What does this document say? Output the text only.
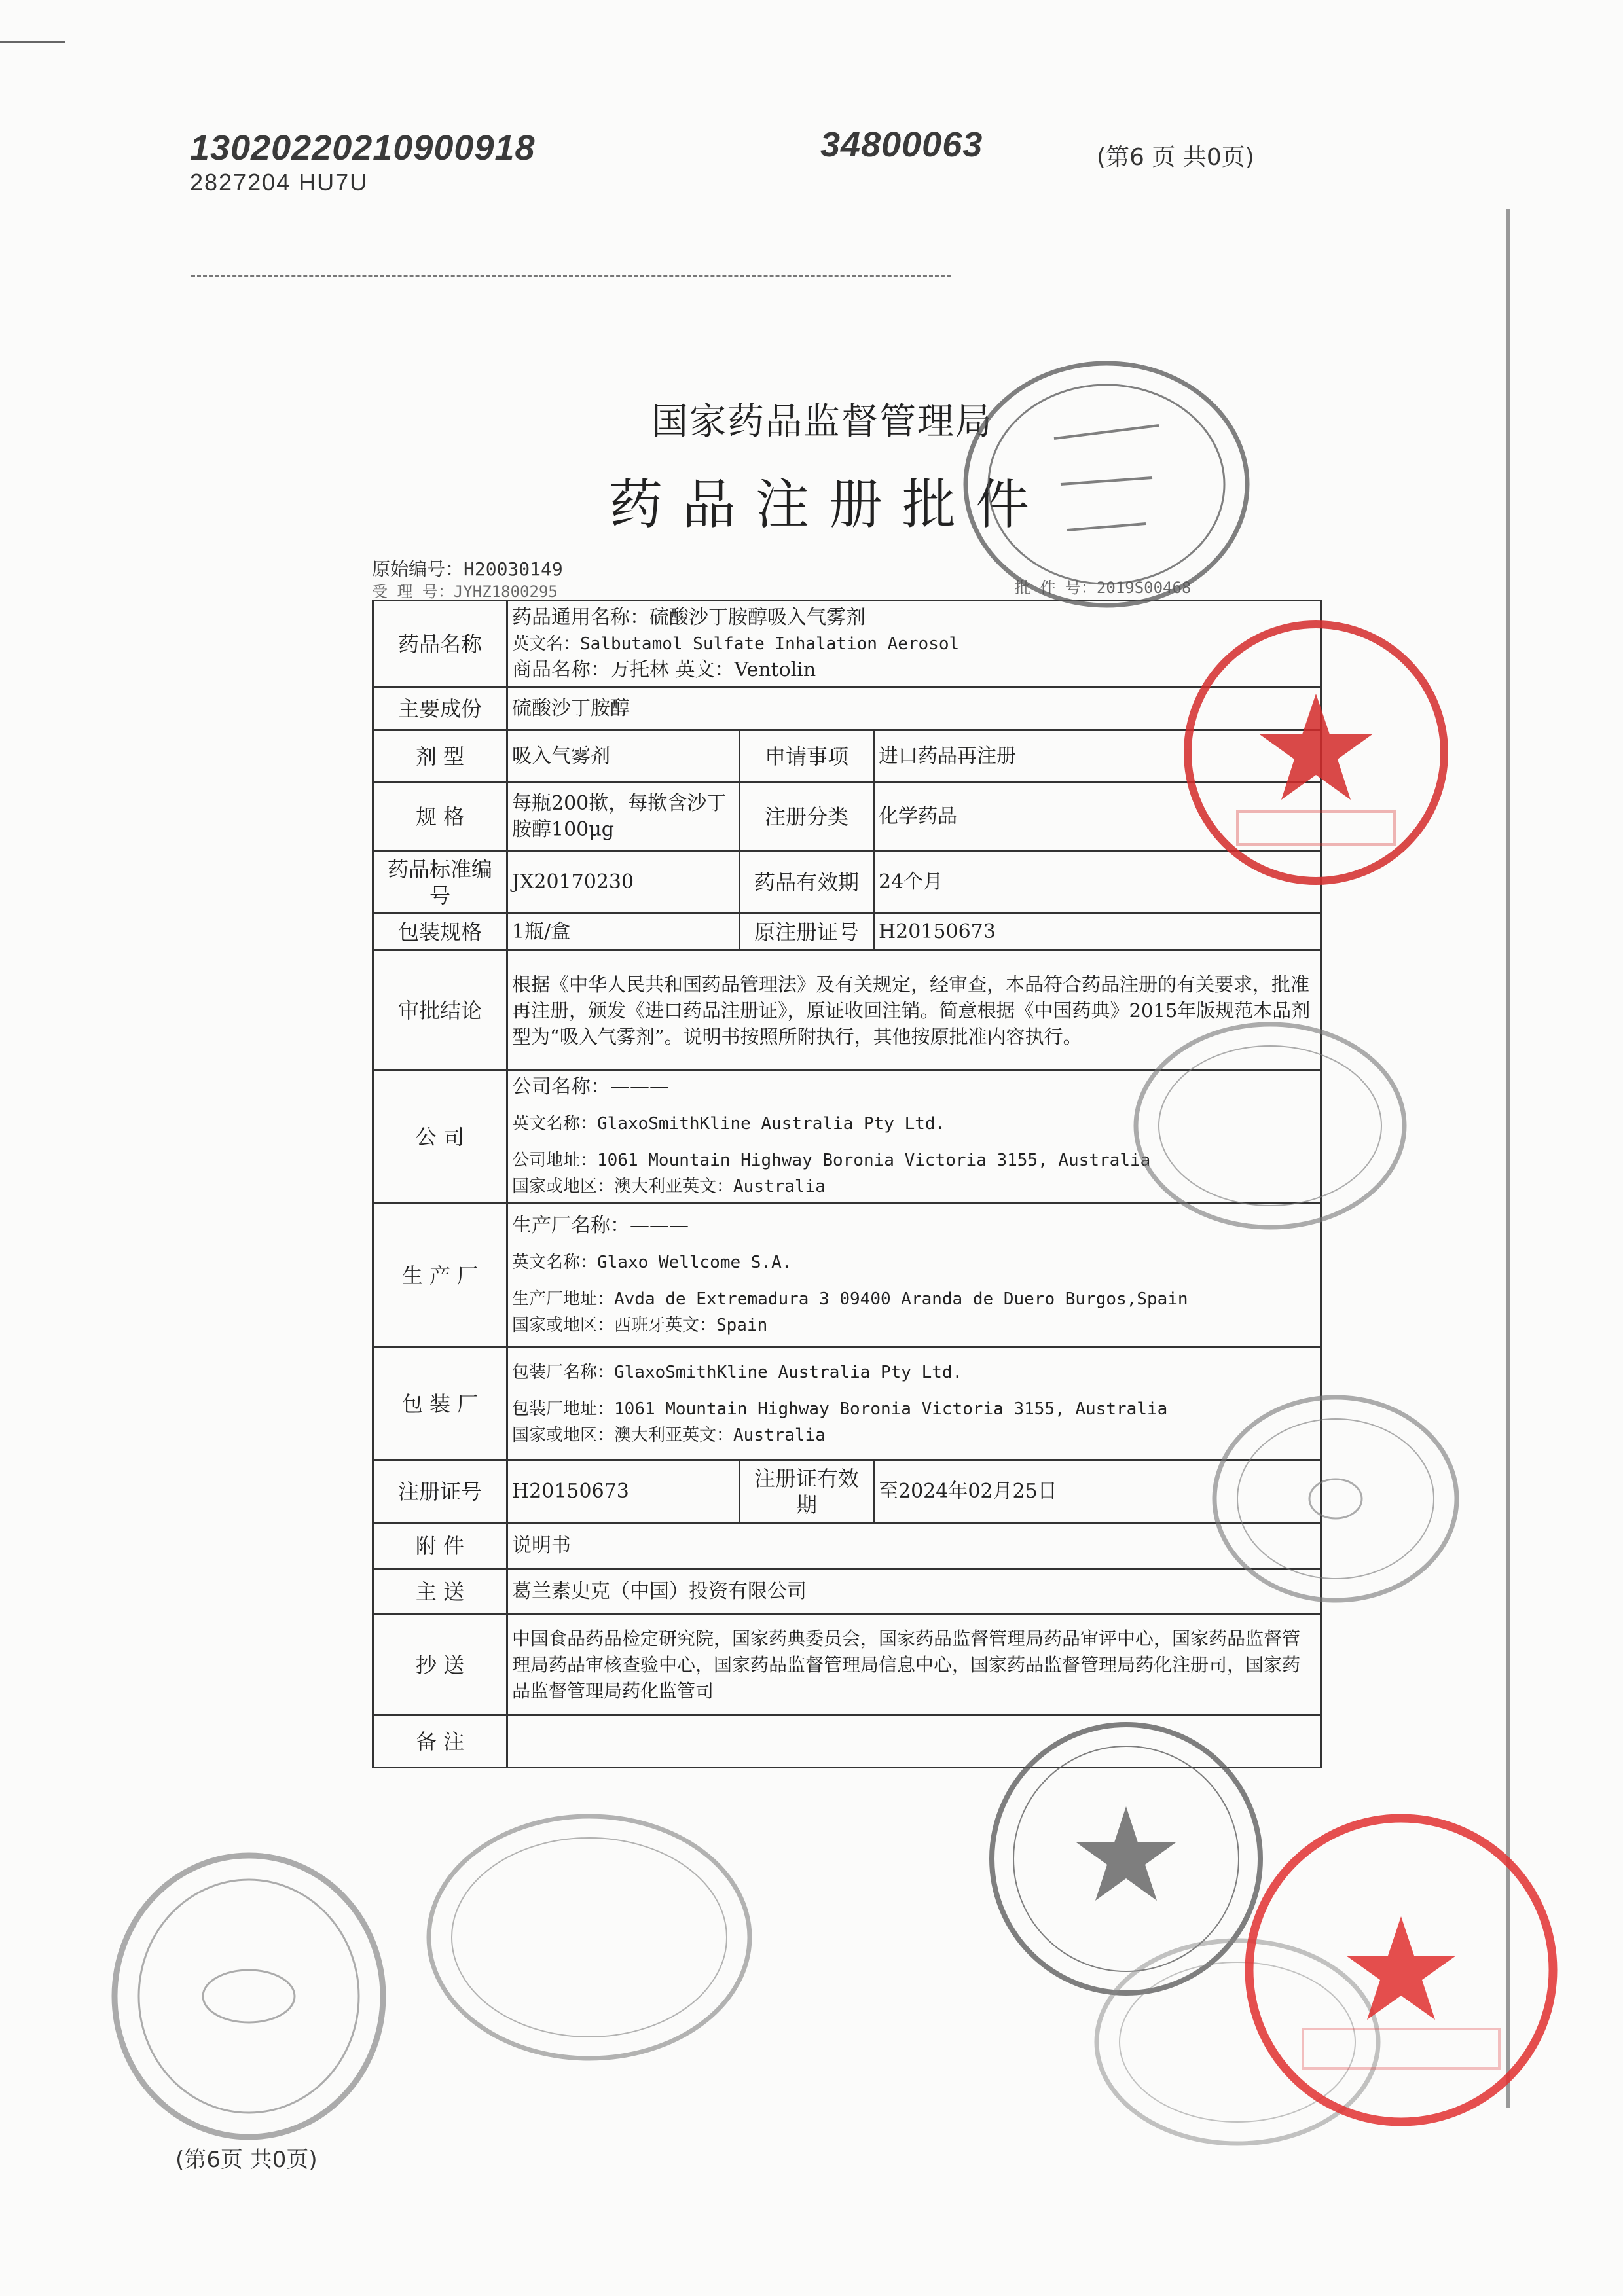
13020220210900918
2827204 HU7U
34800063	(第6 页 共0页)
国家药品监督管理局
药品注册批件
原始编号：H20030149
受 理 号：JYHZ1800295	批 件 号：2019S00468
药品名称	药品通用名称：硫酸沙丁胺醇吸入气雾剂
英文名：Salbutamol Sulfate Inhalation Aerosol
商品名称：万托林 英文：Ventolin		

主要成份	硫酸沙丁胺醇		
剂 型	吸入气雾剂	申请事项	进口药品再注册
规 格	每瓶200揿，每揿含沙丁胺醇100μg	注册分类	化学药品
药品标准编号	JX20170230	药品有效期	24个月
包装规格	1瓶/盒	原注册证号	H20150673
审批结论	根据《中华人民共和国药品管理法》及有关规定，经审查，本品符合药品注册的有关要求，批准再注册，颁发《进口药品注册证》，原证收回注销。简意根据《中国药典》2015年版规范本品剂型为“吸入气雾剂”。说明书按照所附执行，其他按原批准内容执行。		
公 司	公司名称：———
英文名称：GlaxoSmithKline Australia Pty Ltd.
公司地址：1061 Mountain Highway Boronia Victoria 3155, Australia
国家或地区：澳大利亚英文：Australia		

生 产 厂	生产厂名称：———
英文名称：Glaxo Wellcome S.A.
生产厂地址：Avda de Extremadura 3 09400 Aranda de Duero Burgos,Spain
国家或地区：西班牙英文：Spain		

包 装 厂	包装厂名称：GlaxoSmithKline Australia Pty Ltd.
包装厂地址：1061 Mountain Highway Boronia Victoria 3155, Australia
国家或地区：澳大利亚英文：Australia		

注册证号	H20150673	注册证有效期	至2024年02月25日
附 件	说明书		
主 送	葛兰素史克（中国）投资有限公司		
抄 送	中国食品药品检定研究院，国家药典委员会，国家药品监督管理局药品审评中心，国家药品监督管理局药品审核查验中心，国家药品监督管理局信息中心，国家药品监督管理局药化注册司，国家药品监督管理局药化监管司		
备 注			
(第6页 共0页)
